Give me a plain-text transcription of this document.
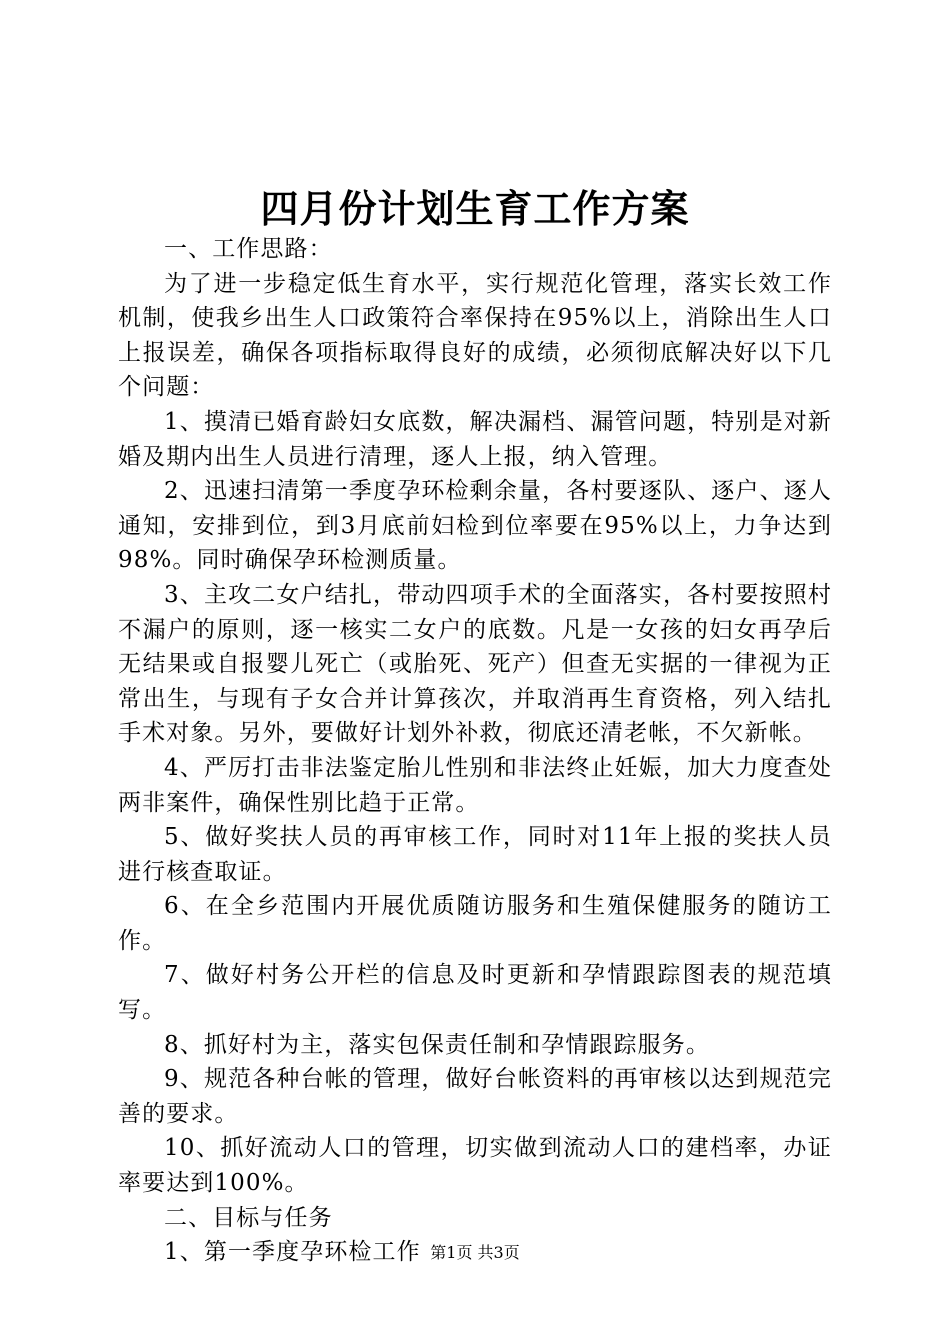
四月份计划生育工作方案

一、工作思路：

为了进一步稳定低生育水平，实行规范化管理，落实长效工作机制，使我乡出生人口政策符合率保持在95%以上，消除出生人口上报误差，确保各项指标取得良好的成绩，必须彻底解决好以下几个问题：

1、摸清已婚育龄妇女底数，解决漏档、漏管问题，特别是对新婚及期内出生人员进行清理，逐人上报，纳入管理。

2、迅速扫清第一季度孕环检剩余量，各村要逐队、逐户、逐人通知，安排到位，到3月底前妇检到位率要在95%以上，力争达到98%。同时确保孕环检测质量。

3、主攻二女户结扎，带动四项手术的全面落实，各村要按照村不漏户的原则，逐一核实二女户的底数。凡是一女孩的妇女再孕后无结果或自报婴儿死亡（或胎死、死产）但查无实据的一律视为正常出生，与现有子女合并计算孩次，并取消再生育资格，列入结扎手术对象。另外，要做好计划外补救，彻底还清老帐，不欠新帐。

4、严厉打击非法鉴定胎儿性别和非法终止妊娠，加大力度查处两非案件，确保性别比趋于正常。

5、做好奖扶人员的再审核工作，同时对11年上报的奖扶人员进行核查取证。

6、在全乡范围内开展优质随访服务和生殖保健服务的随访工作。

7、做好村务公开栏的信息及时更新和孕情跟踪图表的规范填写。

8、抓好村为主，落实包保责任制和孕情跟踪服务。

9、规范各种台帐的管理，做好台帐资料的再审核以达到规范完善的要求。

10、抓好流动人口的管理，切实做到流动人口的建档率，办证率要达到100%。

二、目标与任务

1、第一季度孕环检工作 第1页 共3页
